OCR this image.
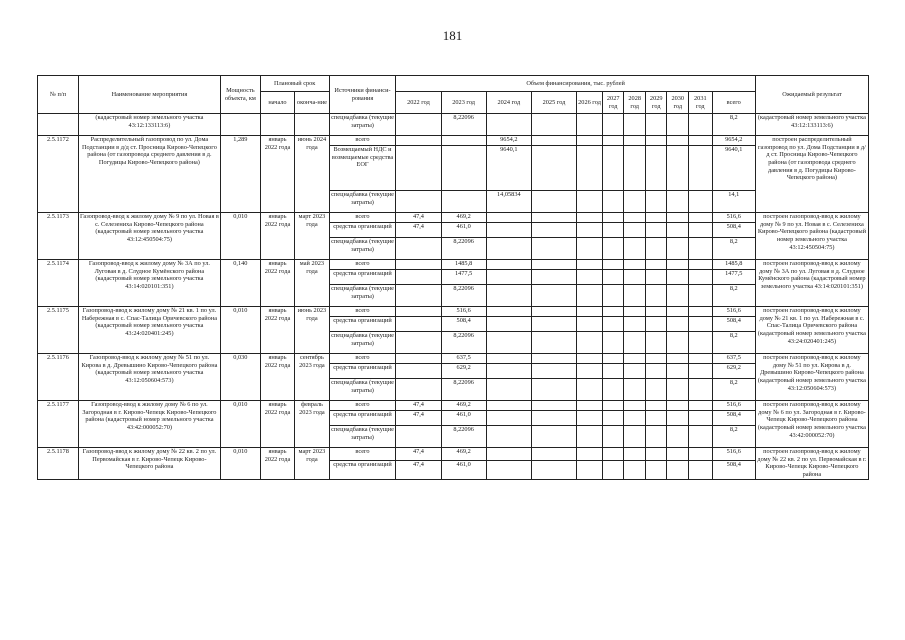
181
№ п/п	Наименование мероприятия	Мощность объекта, км	Плановый срок		Источники финанси-рования	Объем финансирования, тыс. рублей											Ожидаемый результат
			начало	оконча-ние		2022 год	2023 год	2024 год	2025 год	2026 год	2027 год	2028 год	2029 год	2030 год	2031 год	всего	
	(кадастровый номер земельного участка 43:12:133113:6)				спецнадбавка (текущие затраты)		8,22096									8,2	(кадастровый номер земельного участка 43:12:133113:6)
2.5.1172	Распределительный газопровод по ул. Дома Подстанции в д/д ст. Просница Кирово-Чепецкого района (от газопровода среднего давления в д. Погудицы Кирово-Чепецкого района)	1,289	январь 2022 года	июнь 2024 года	всего			9654,2								9654,2	построен распределительный газопровод по ул. Дома Подстанции в д/д ст. Просница Кирово-Чепецкого района (от газопровода среднего давления в д. Погудицы Кирово-Чепецкого района)
					Возмещаемый НДС и возмещаемые средства ЕОГ			9640,1								9640,1	
					спецнадбавка (текущие затраты)			14,05834								14,1	
2.5.1173	Газопровод-ввод к жилому дому № 9 по ул. Новая в с. Селезениха Кирово-Чепецкого района (кадастровый номер земельного участка 43:12:450504:75)	0,010	январь 2022 года	март 2023 года	всего	47,4	469,2									516,6	построен газопровод-ввод к жилому дому № 9 по ул. Новая в с. Селезениха Кирово-Чепецкого района (кадастровый номер земельного участка 43:12:450504:75)
					средства организаций	47,4	461,0									508,4	
					спецнадбавка (текущие затраты)		8,22096									8,2	
2.5.1174	Газопровод-ввод к жилому дому № 3А по ул. Луговая в д. Слудное Кумёнского района (кадастровый номер земельного участка 43:14:020101:351)	0,140	январь 2022 года	май 2023 года	всего		1485,8									1485,8	построен газопровод-ввод к жилому дому № 3А по ул. Луговая в д. Слудное Кумёнского района (кадастровый номер земельного участка 43:14:020101:351)
					средства организаций		1477,5									1477,5	
					спецнадбавка (текущие затраты)		8,22096									8,2	
2.5.1175	Газопровод-ввод к жилому дому № 21 кв. 1 по ул. Набережная в с. Спас-Талица Оричевского района (кадастровый номер земельного участка 43:24:020401:245)	0,010	январь 2022 года	июнь 2023 года	всего		516,6									516,6	построен газопровод-ввод к жилому дому № 21 кв. 1 по ул. Набережная в с. Спас-Талица Оричевского района (кадастровый номер земельного участка 43:24:020401:245)
					средства организаций		508,4									508,4	
					спецнадбавка (текущие затраты)		8,22096									8,2	
2.5.1176	Газопровод-ввод к жилому дому № 51 по ул. Кирова в д. Древышино Кирово-Чепецкого района (кадастровый номер земельного участка 43:12:050604:573)	0,030	январь 2022 года	сентябрь 2023 года	всего		637,5									637,5	построен газопровод-ввод к жилому дому № 51 по ул. Кирова в д. Древышино Кирово-Чепецкого района (кадастровый номер земельного участка 43:12:050604:573)
					средства организаций		629,2									629,2	
					спецнадбавка (текущие затраты)		8,22096									8,2	
2.5.1177	Газопровод-ввод к жилому дому № 6 по ул. Загородная в г. Кирово-Чепецк Кирово-Чепецкого района (кадастровый номер земельного участка 43:42:000052:70)	0,010	январь 2022 года	февраль 2023 года	всего	47,4	469,2									516,6	построен газопровод-ввод к жилому дому № 6 по ул. Загородная в г. Кирово-Чепецк Кирово-Чепецкого района (кадастровый номер земельного участка 43:42:000052:70)
					средства организаций	47,4	461,0									508,4	
					спецнадбавка (текущие затраты)		8,22096									8,2	
2.5.1178	Газопровод-ввод к жилому дому № 22 кв. 2 по ул. Первомайская в г. Кирово-Чепецк Кирово-Чепецкого района	0,010	январь 2022 года	март 2023 года	всего	47,4	469,2									516,6	построен газопровод-ввод к жилому дому № 22 кв. 2 по ул. Первомайская в г. Кирово-Чепецк Кирово-Чепецкого района
					средства организаций	47,4	461,0									508,4	
